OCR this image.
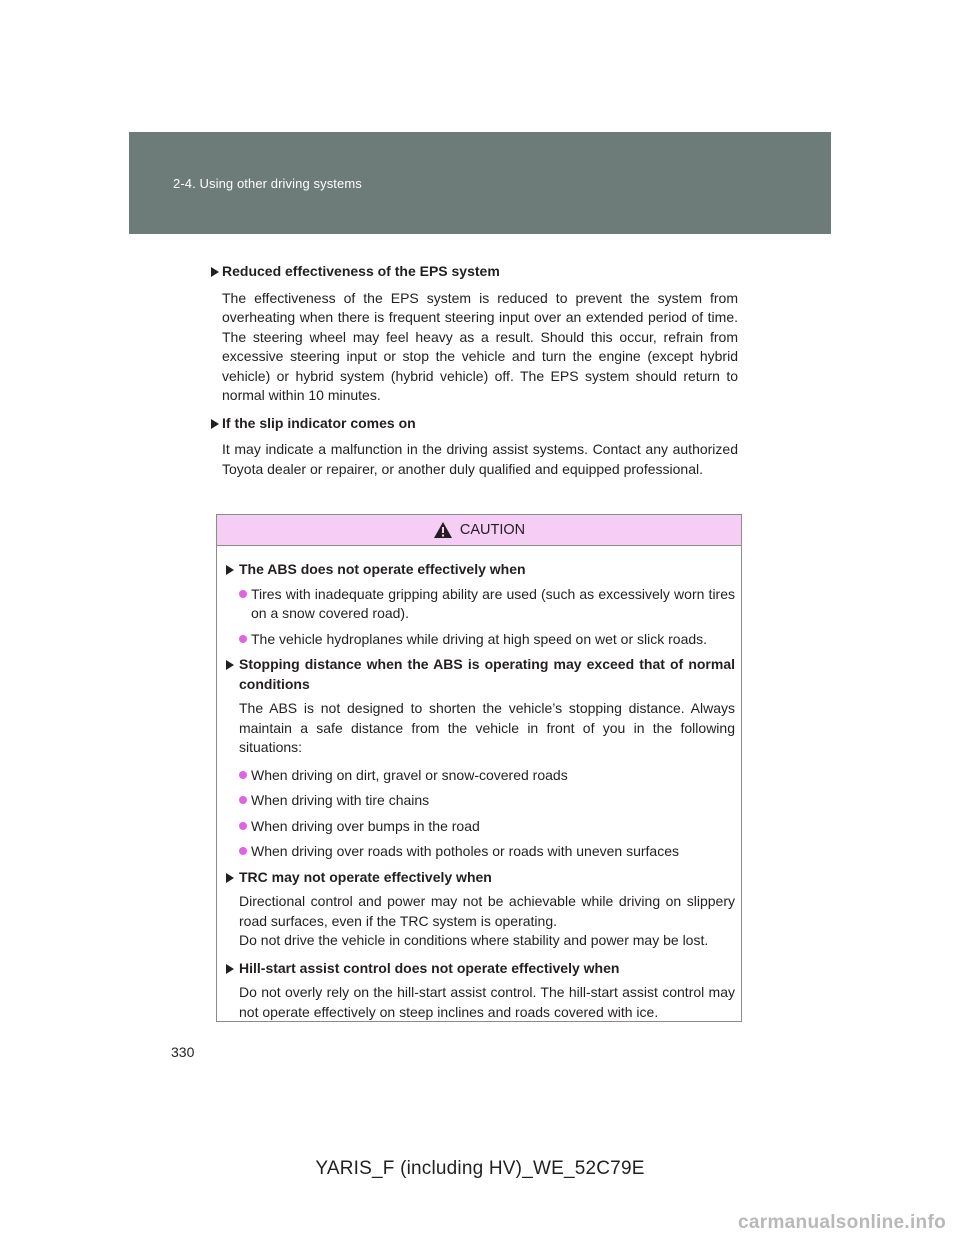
2-4. Using other driving systems
Reduced effectiveness of the EPS system
The effectiveness of the EPS system is reduced to prevent the system from overheating when there is frequent steering input over an extended period of time. The steering wheel may feel heavy as a result. Should this occur, refrain from excessive steering input or stop the vehicle and turn the engine (except hybrid vehicle) or hybrid system (hybrid vehicle) off. The EPS system should return to normal within 10 minutes.
If the slip indicator comes on
It may indicate a malfunction in the driving assist systems. Contact any authorized Toyota dealer or repairer, or another duly qualified and equipped professional.
CAUTION
The ABS does not operate effectively when
Tires with inadequate gripping ability are used (such as excessively worn tires on a snow covered road).
The vehicle hydroplanes while driving at high speed on wet or slick roads.
Stopping distance when the ABS is operating may exceed that of normal conditions
The ABS is not designed to shorten the vehicle’s stopping distance. Always maintain a safe distance from the vehicle in front of you in the following situations:
When driving on dirt, gravel or snow-covered roads
When driving with tire chains
When driving over bumps in the road
When driving over roads with potholes or roads with uneven surfaces
TRC may not operate effectively when
Directional control and power may not be achievable while driving on slippery road surfaces, even if the TRC system is operating.
Do not drive the vehicle in conditions where stability and power may be lost.
Hill-start assist control does not operate effectively when
Do not overly rely on the hill-start assist control. The hill-start assist control may not operate effectively on steep inclines and roads covered with ice.
330
YARIS_F (including HV)_WE_52C79E
carmanualsonline.info
